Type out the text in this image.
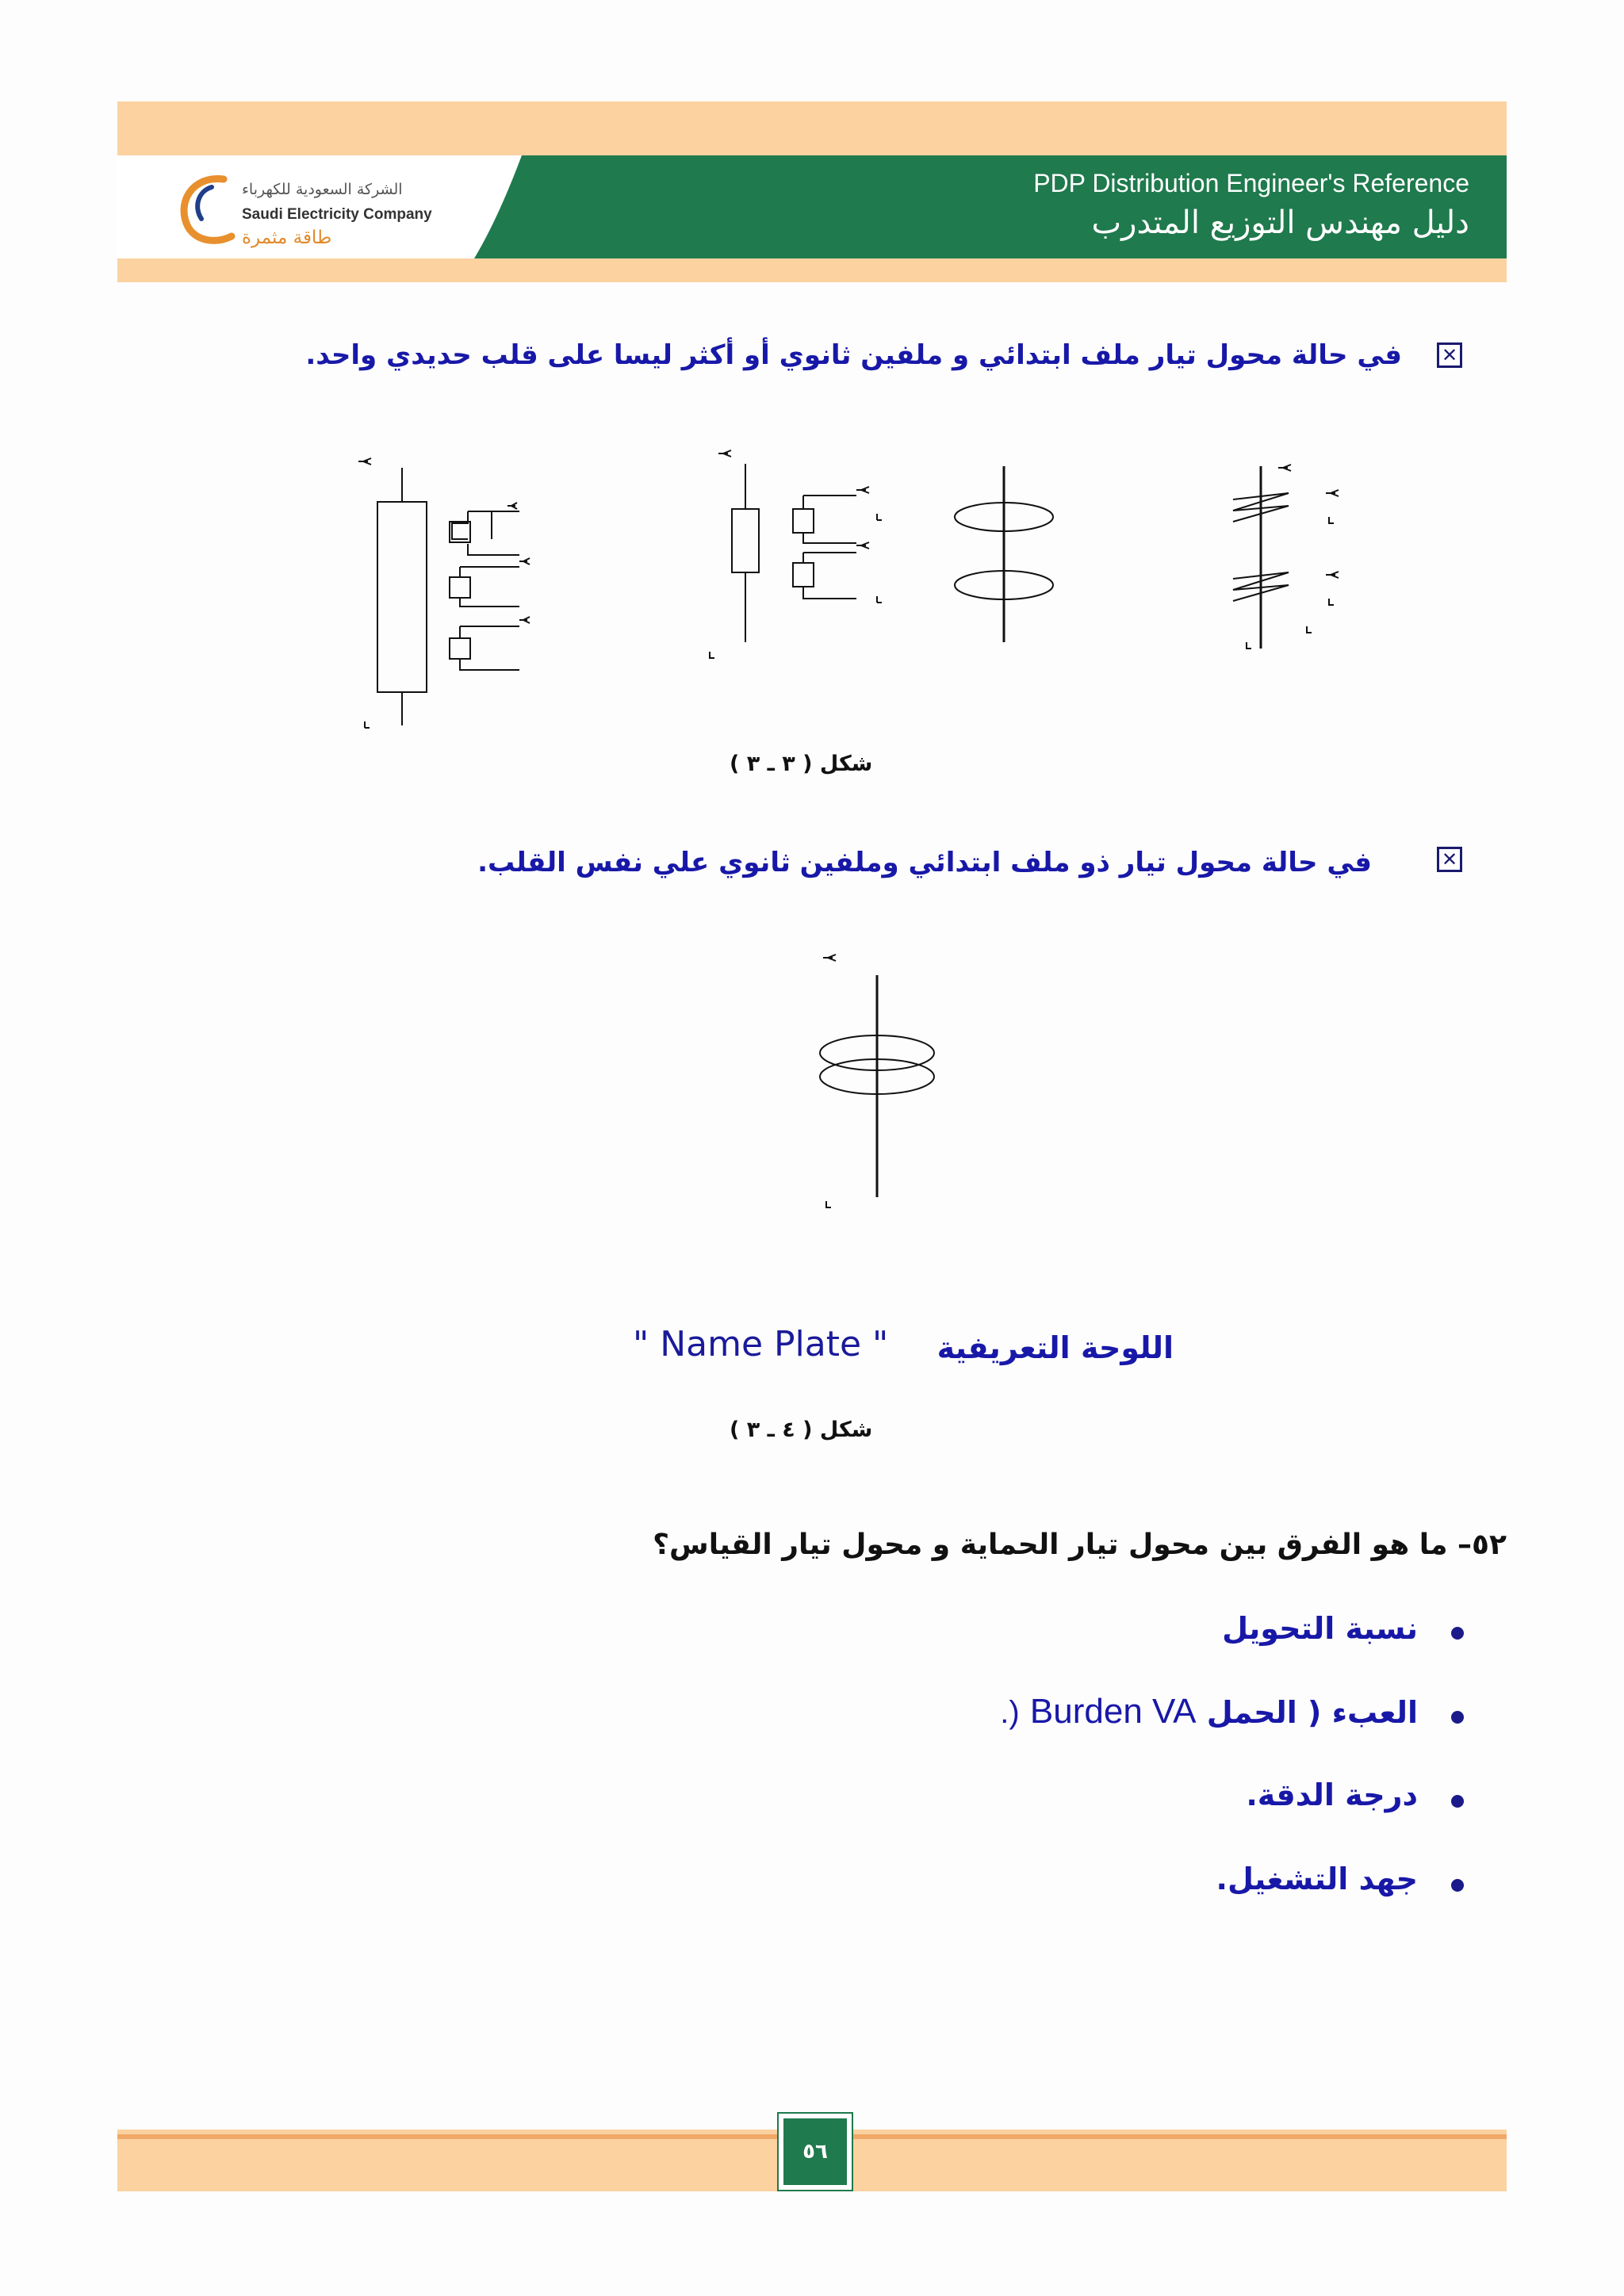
الشركة السعودية للكهرباء
Saudi Electricity Company
طاقة مثمرة
PDP Distribution Engineer's Reference
دليل مهندس التوزيع المتدرب
✕
في حالة محول تيار ملف ابتدائي و ملفين ثانوي أو أكثر ليسا على قلب حديدي واحد.
شكل ( ٣ ـ ٣ )
✕
في حالة محول تيار ذو ملف ابتدائي وملفين ثانوي علي نفس القلب.
" Name Plate " اللوحة التعريفية
شكل ( ٤ ـ ٣ )
٥٢– ما هو الفرق بين محول تيار الحماية و محول تيار القياس؟
نسبة التحويل
.) Burden VA العبء ( الحمل
درجة الدقة.
جهد التشغيل.
٥٦
